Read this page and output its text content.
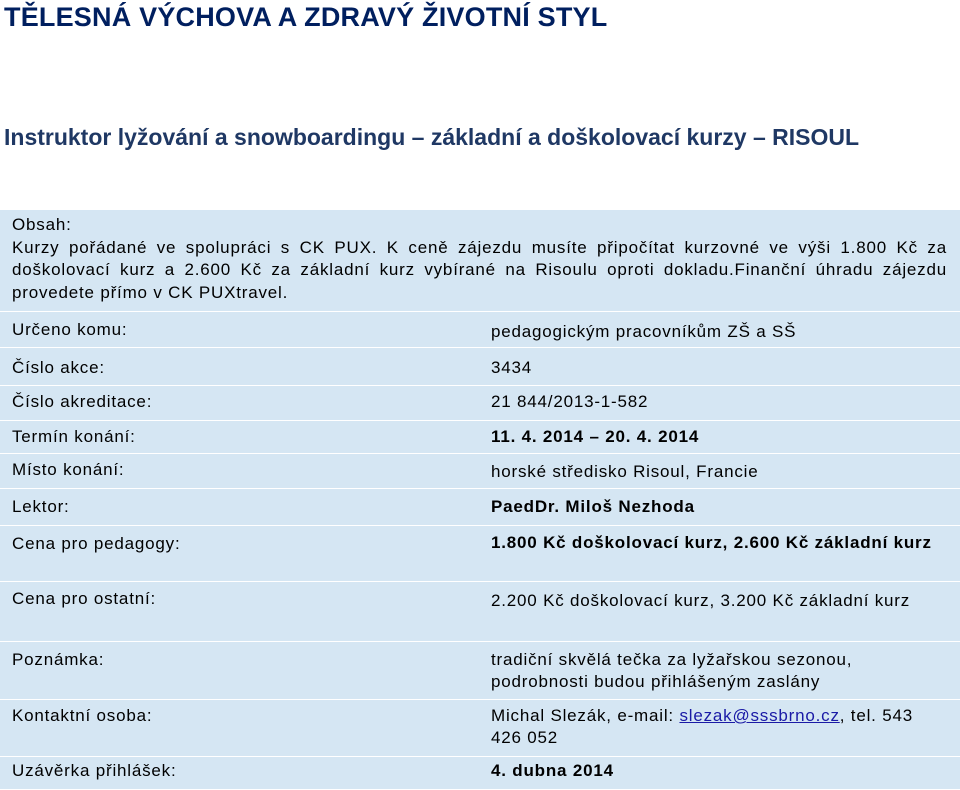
TĚLESNÁ VÝCHOVA A ZDRAVÝ ŽIVOTNÍ STYL
Instruktor lyžování a snowboardingu – základní a doškolovací kurzy – RISOUL
Obsah:
Kurzy pořádané ve spolupráci s CK PUX. K ceně zájezdu musíte připočítat kurzovné ve výši 1.800 Kč za doškolovací kurz a 2.600 Kč za základní kurz vybírané na Risoulu oproti dokladu.Finanční úhradu zájezdu provedete přímo v CK PUXtravel.
Určeno komu:	pedagogickým pracovníkům ZŠ a SŠ
Číslo akce:	3434
Číslo akreditace:	21 844/2013-1-582
Termín konání:	11. 4. 2014 – 20. 4. 2014
Místo konání:	horské středisko Risoul, Francie
Lektor:	PaedDr. Miloš Nezhoda
Cena pro pedagogy:	1.800 Kč doškolovací kurz, 2.600 Kč základní kurz
Cena pro ostatní:	2.200 Kč doškolovací kurz, 3.200 Kč základní kurz
Poznámka:	tradiční skvělá tečka za lyžařskou sezonou, podrobnosti budou přihlášeným zaslány
Kontaktní osoba:	Michal Slezák, e-mail: slezak@sssbrno.cz, tel. 543 426 052
Uzávěrka přihlášek:	4. dubna 2014
